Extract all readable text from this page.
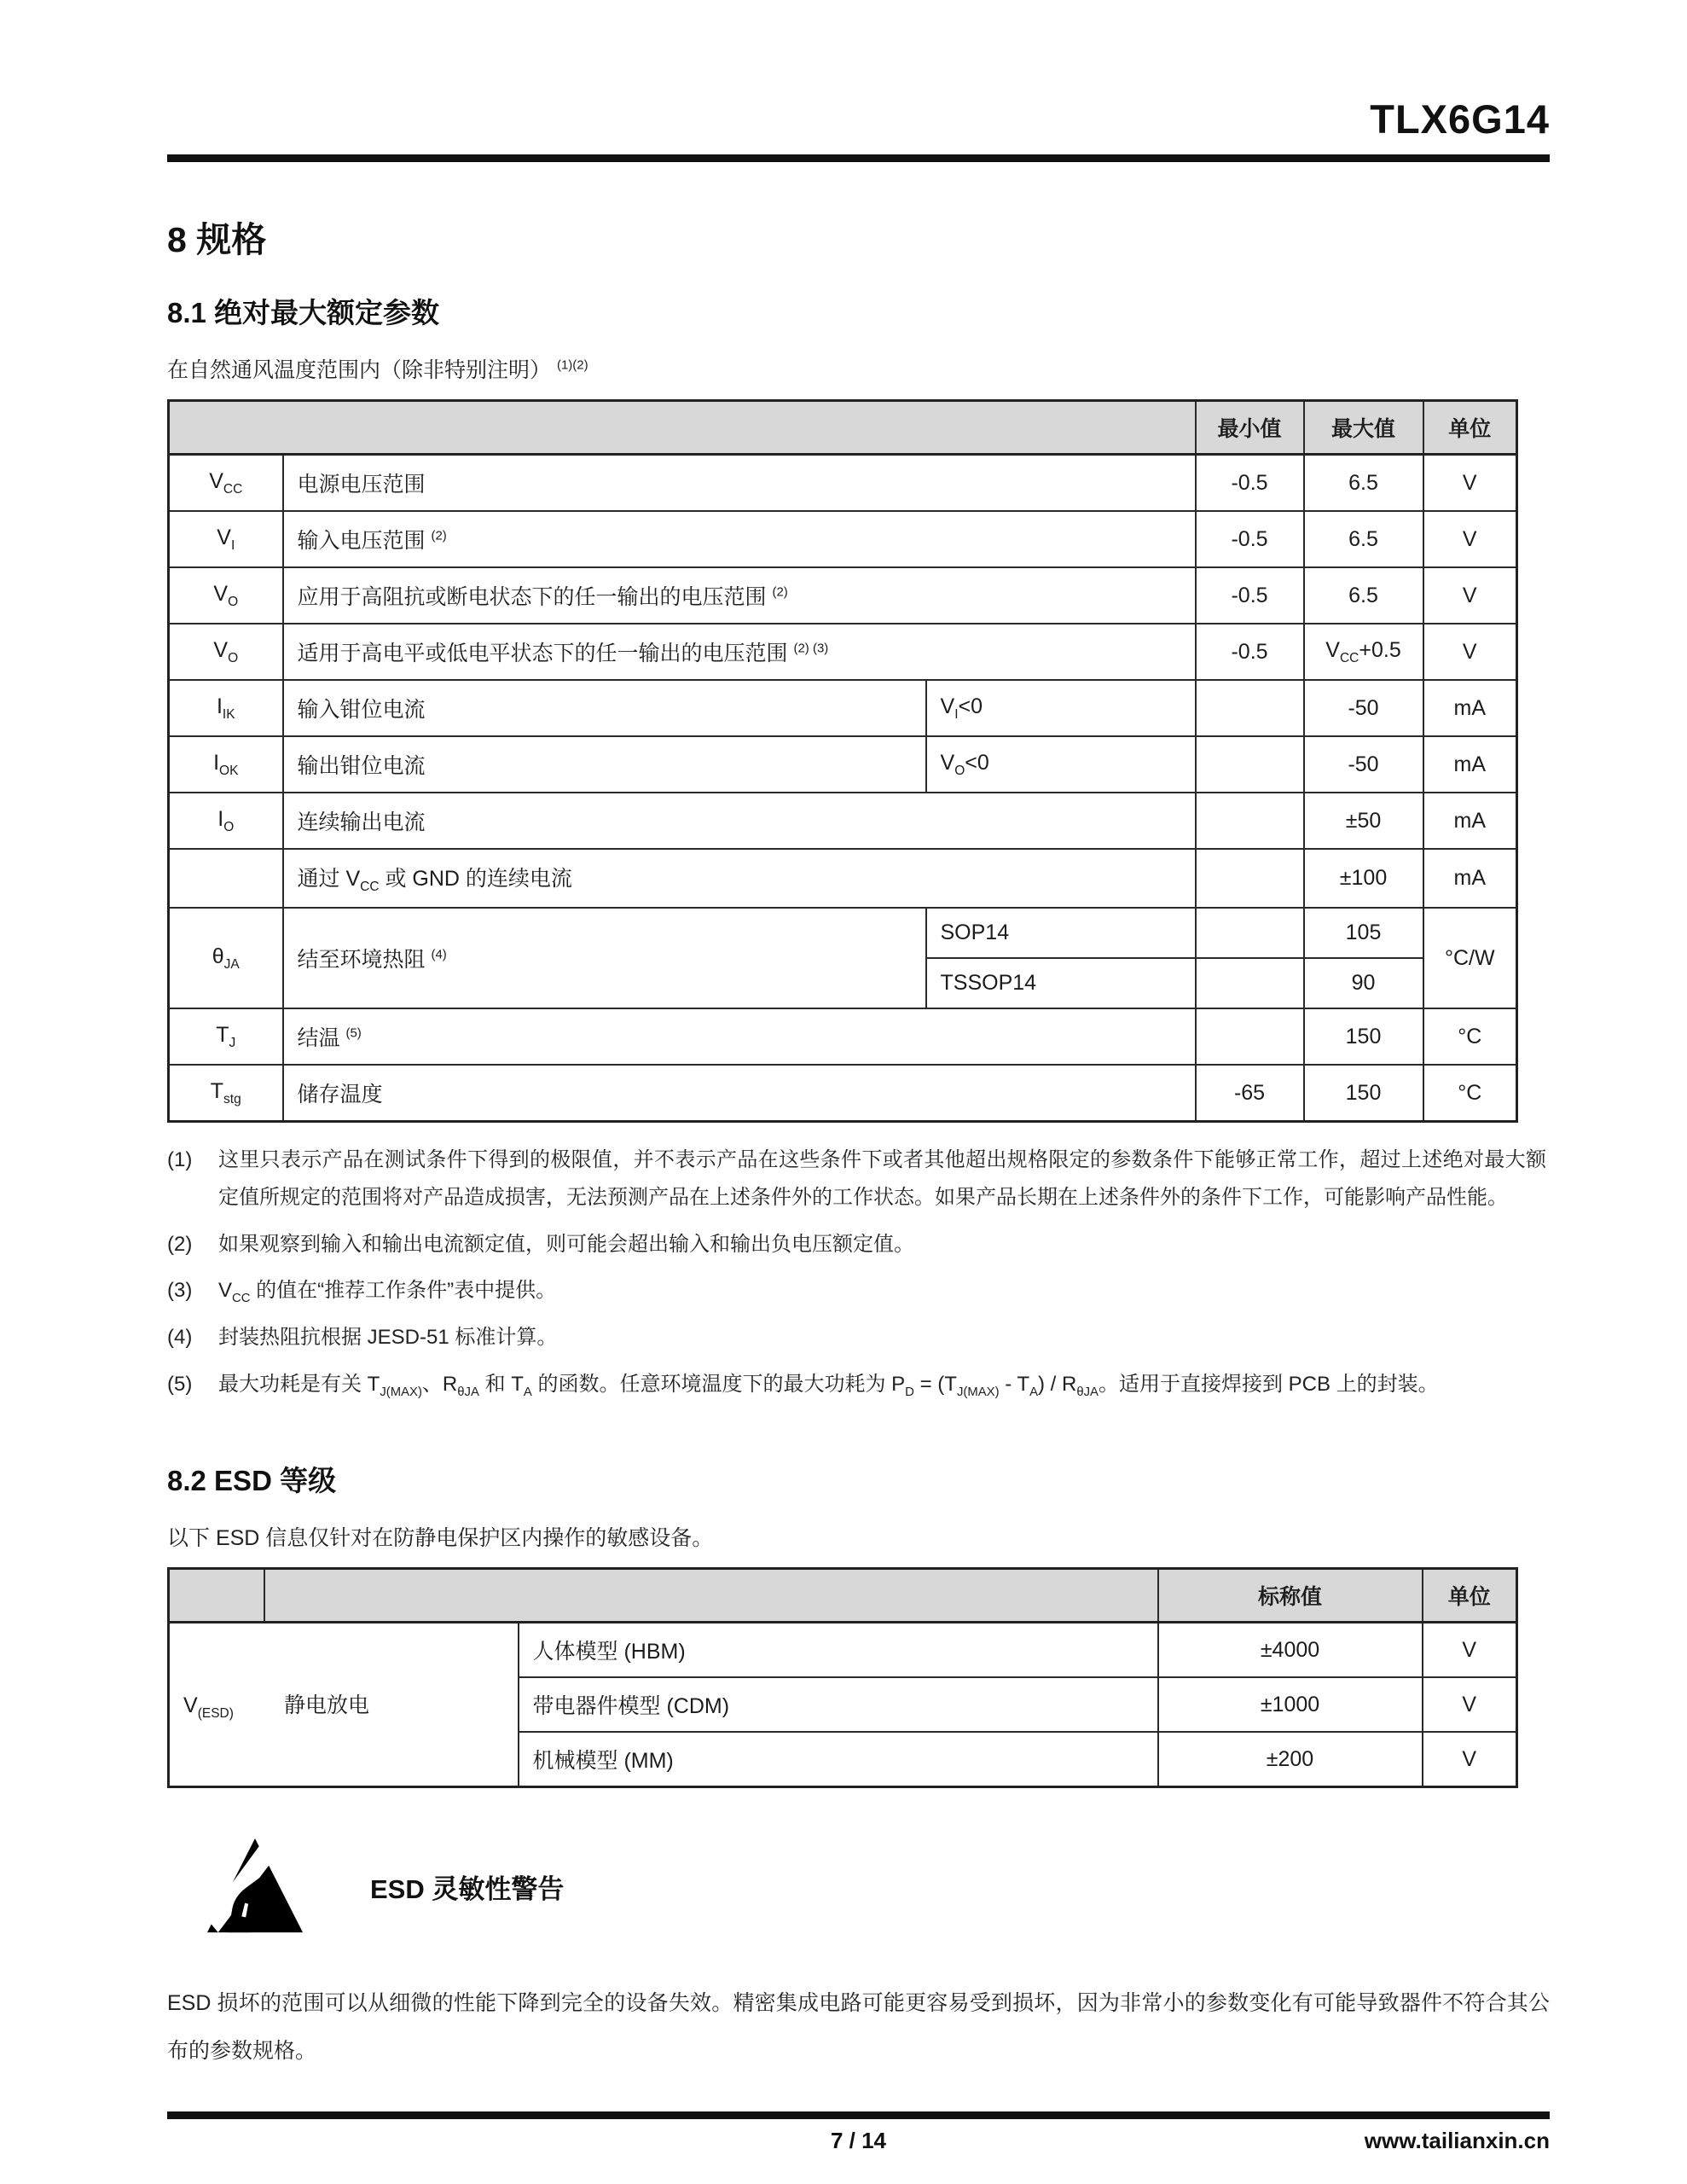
TLX6G14
8 规格
8.1 绝对最大额定参数
在自然通风温度范围内（除非特别注明） $^{(1)(2)}$
			最小值	最大值	单位
$V_{CC}$	电源电压范围		-0.5	6.5	V
$V_I$	输入电压范围 $^{(2)}$		-0.5	6.5	V
$V_O$	应用于高阻抗或断电状态下的任一输出的电压范围 $^{(2)}$		-0.5	6.5	V
$V_O$	适用于高电平或低电平状态下的任一输出的电压范围 $^{(2) (3)}$		-0.5	$V_{CC}+0.5$	V
$I_{IK}$	输入钳位电流	$V_I<0$		-50	mA
$I_{OK}$	输出钳位电流	$V_O<0$		-50	mA
$I_O$	连续输出电流			±50	mA
	通过 $V_{CC}$ 或 GND 的连续电流			±100	mA
$\theta_{JA}$	结至环境热阻 $^{(4)}$	SOP14		105	°C/W
		TSSOP14		90	
$T_J$	结温 $^{(5)}$			150	°C
$T_{stg}$	储存温度		-65	150	°C
(1)	这里只表示产品在测试条件下得到的极限值，并不表示产品在这些条件下或者其他超出规格限定的参数条件下能够正常工作，超过上述绝对最大额定值所规定的范围将对产品造成损害，无法预测产品在上述条件外的工作状态。如果产品长期在上述条件外的条件下工作，可能影响产品性能。
(2)	如果观察到输入和输出电流额定值，则可能会超出输入和输出负电压额定值。
(3)	$V_{CC}$ 的值在“推荐工作条件”表中提供。
(4)	封装热阻抗根据 JESD-51 标准计算。
(5)	最大功耗是有关 $T_{J(MAX)}$、$R_{\theta JA}$ 和 $T_A$ 的函数。任意环境温度下的最大功耗为 $P_D = (T_{J(MAX)} - T_A) / R_{\theta JA}$。适用于直接焊接到 PCB 上的封装。
8.2 ESD 等级
以下 ESD 信息仅针对在防静电保护区内操作的敏感设备。
			标称值	单位
$V_{(ESD)}$ 静电放电		人体模型 (HBM)	±4000	V
		带电器件模型 (CDM)	±1000	V
		机械模型 (MM)	±200	V
ESD 灵敏性警告
ESD 损坏的范围可以从细微的性能下降到完全的设备失效。精密集成电路可能更容易受到损坏，因为非常小的参数变化有可能导致器件不符合其公布的参数规格。
7 / 14	www.tailianxin.cn
